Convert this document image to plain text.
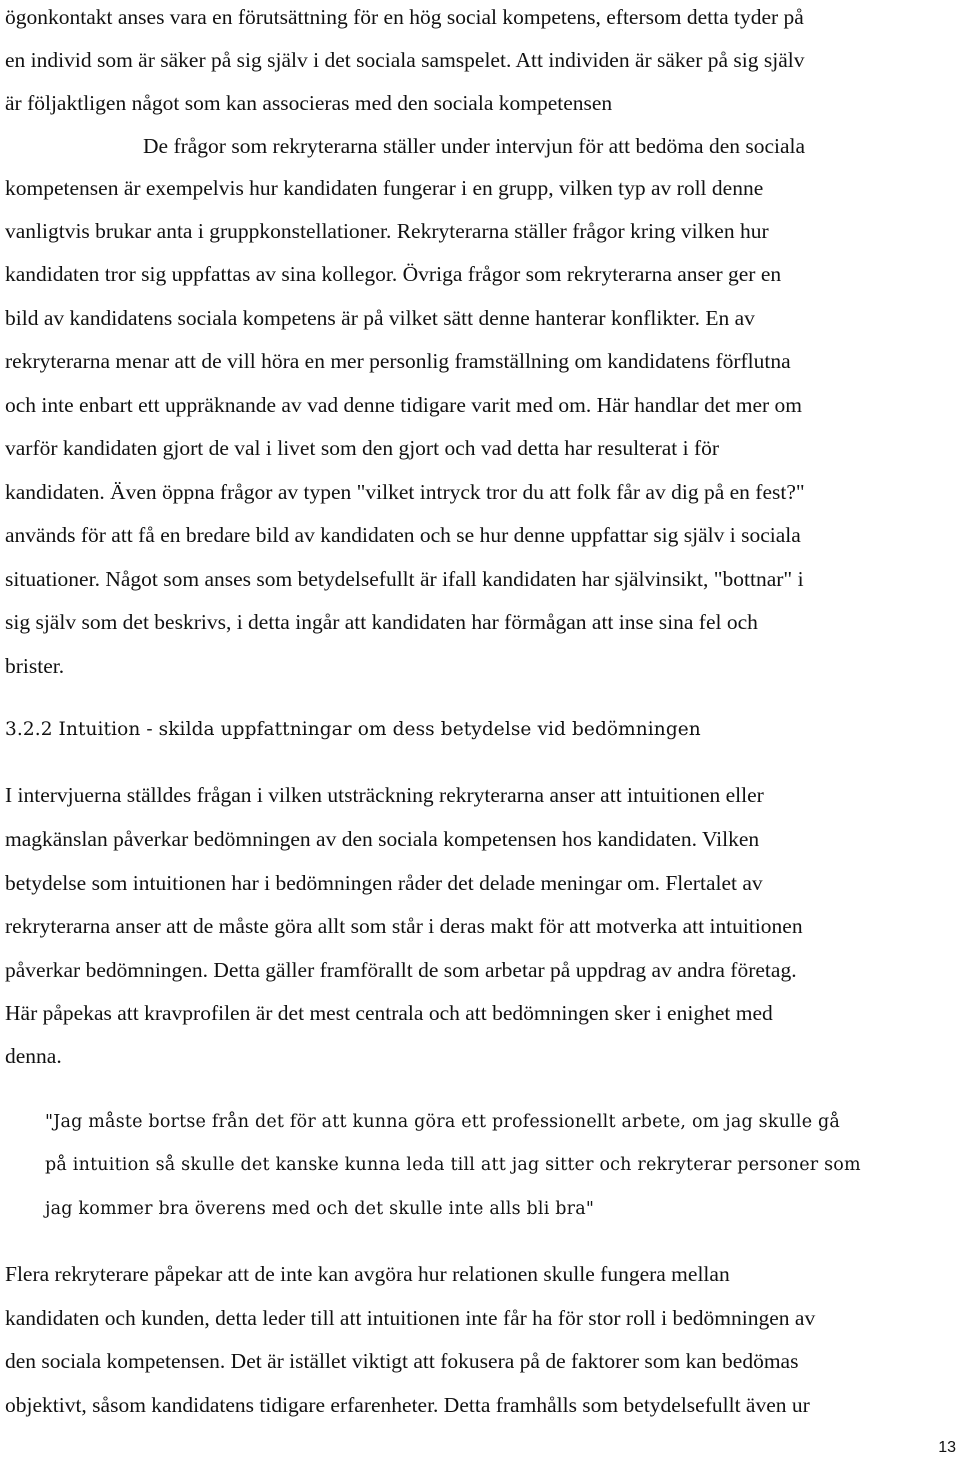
ögonkontakt anses vara en förutsättning för en hög social kompetens, eftersom detta tyder på
en individ som är säker på sig själv i det sociala samspelet. Att individen är säker på sig själv
är följaktligen något som kan associeras med den sociala kompetensen
De frågor som rekryterarna ställer under intervjun för att bedöma den sociala
kompetensen är exempelvis hur kandidaten fungerar i en grupp, vilken typ av roll denne
vanligtvis brukar anta i gruppkonstellationer. Rekryterarna ställer frågor kring vilken hur
kandidaten tror sig uppfattas av sina kollegor. Övriga frågor som rekryterarna anser ger en
bild av kandidatens sociala kompetens är på vilket sätt denne hanterar konflikter. En av
rekryterarna menar att de vill höra en mer personlig framställning om kandidatens förflutna
och inte enbart ett uppräknande av vad denne tidigare varit med om. Här handlar det mer om
varför kandidaten gjort de val i livet som den gjort och vad detta har resulterat i för
kandidaten. Även öppna frågor av typen "vilket intryck tror du att folk får av dig på en fest?"
används för att få en bredare bild av kandidaten och se hur denne uppfattar sig själv i sociala
situationer. Något som anses som betydelsefullt är ifall kandidaten har självinsikt, "bottnar" i
sig själv som det beskrivs, i detta ingår att kandidaten har förmågan att inse sina fel och
brister.
3.2.2 Intuition - skilda uppfattningar om dess betydelse vid bedömningen
I intervjuerna ställdes frågan i vilken utsträckning rekryterarna anser att intuitionen eller
magkänslan påverkar bedömningen av den sociala kompetensen hos kandidaten. Vilken
betydelse som intuitionen har i bedömningen råder det delade meningar om. Flertalet av
rekryterarna anser att de måste göra allt som står i deras makt för att motverka att intuitionen
påverkar bedömningen. Detta gäller framförallt de som arbetar på uppdrag av andra företag.
Här påpekas att kravprofilen är det mest centrala och att bedömningen sker i enighet med
denna.
"Jag måste bortse från det för att kunna göra ett professionellt arbete, om jag skulle gå
på intuition så skulle det kanske kunna leda till att jag sitter och rekryterar personer som
jag kommer bra överens med och det skulle inte alls bli bra"
Flera rekryterare påpekar att de inte kan avgöra hur relationen skulle fungera mellan
kandidaten och kunden, detta leder till att intuitionen inte får ha för stor roll i bedömningen av
den sociala kompetensen. Det är istället viktigt att fokusera på de faktorer som kan bedömas
objektivt, såsom kandidatens tidigare erfarenheter. Detta framhålls som betydelsefullt även ur
13
